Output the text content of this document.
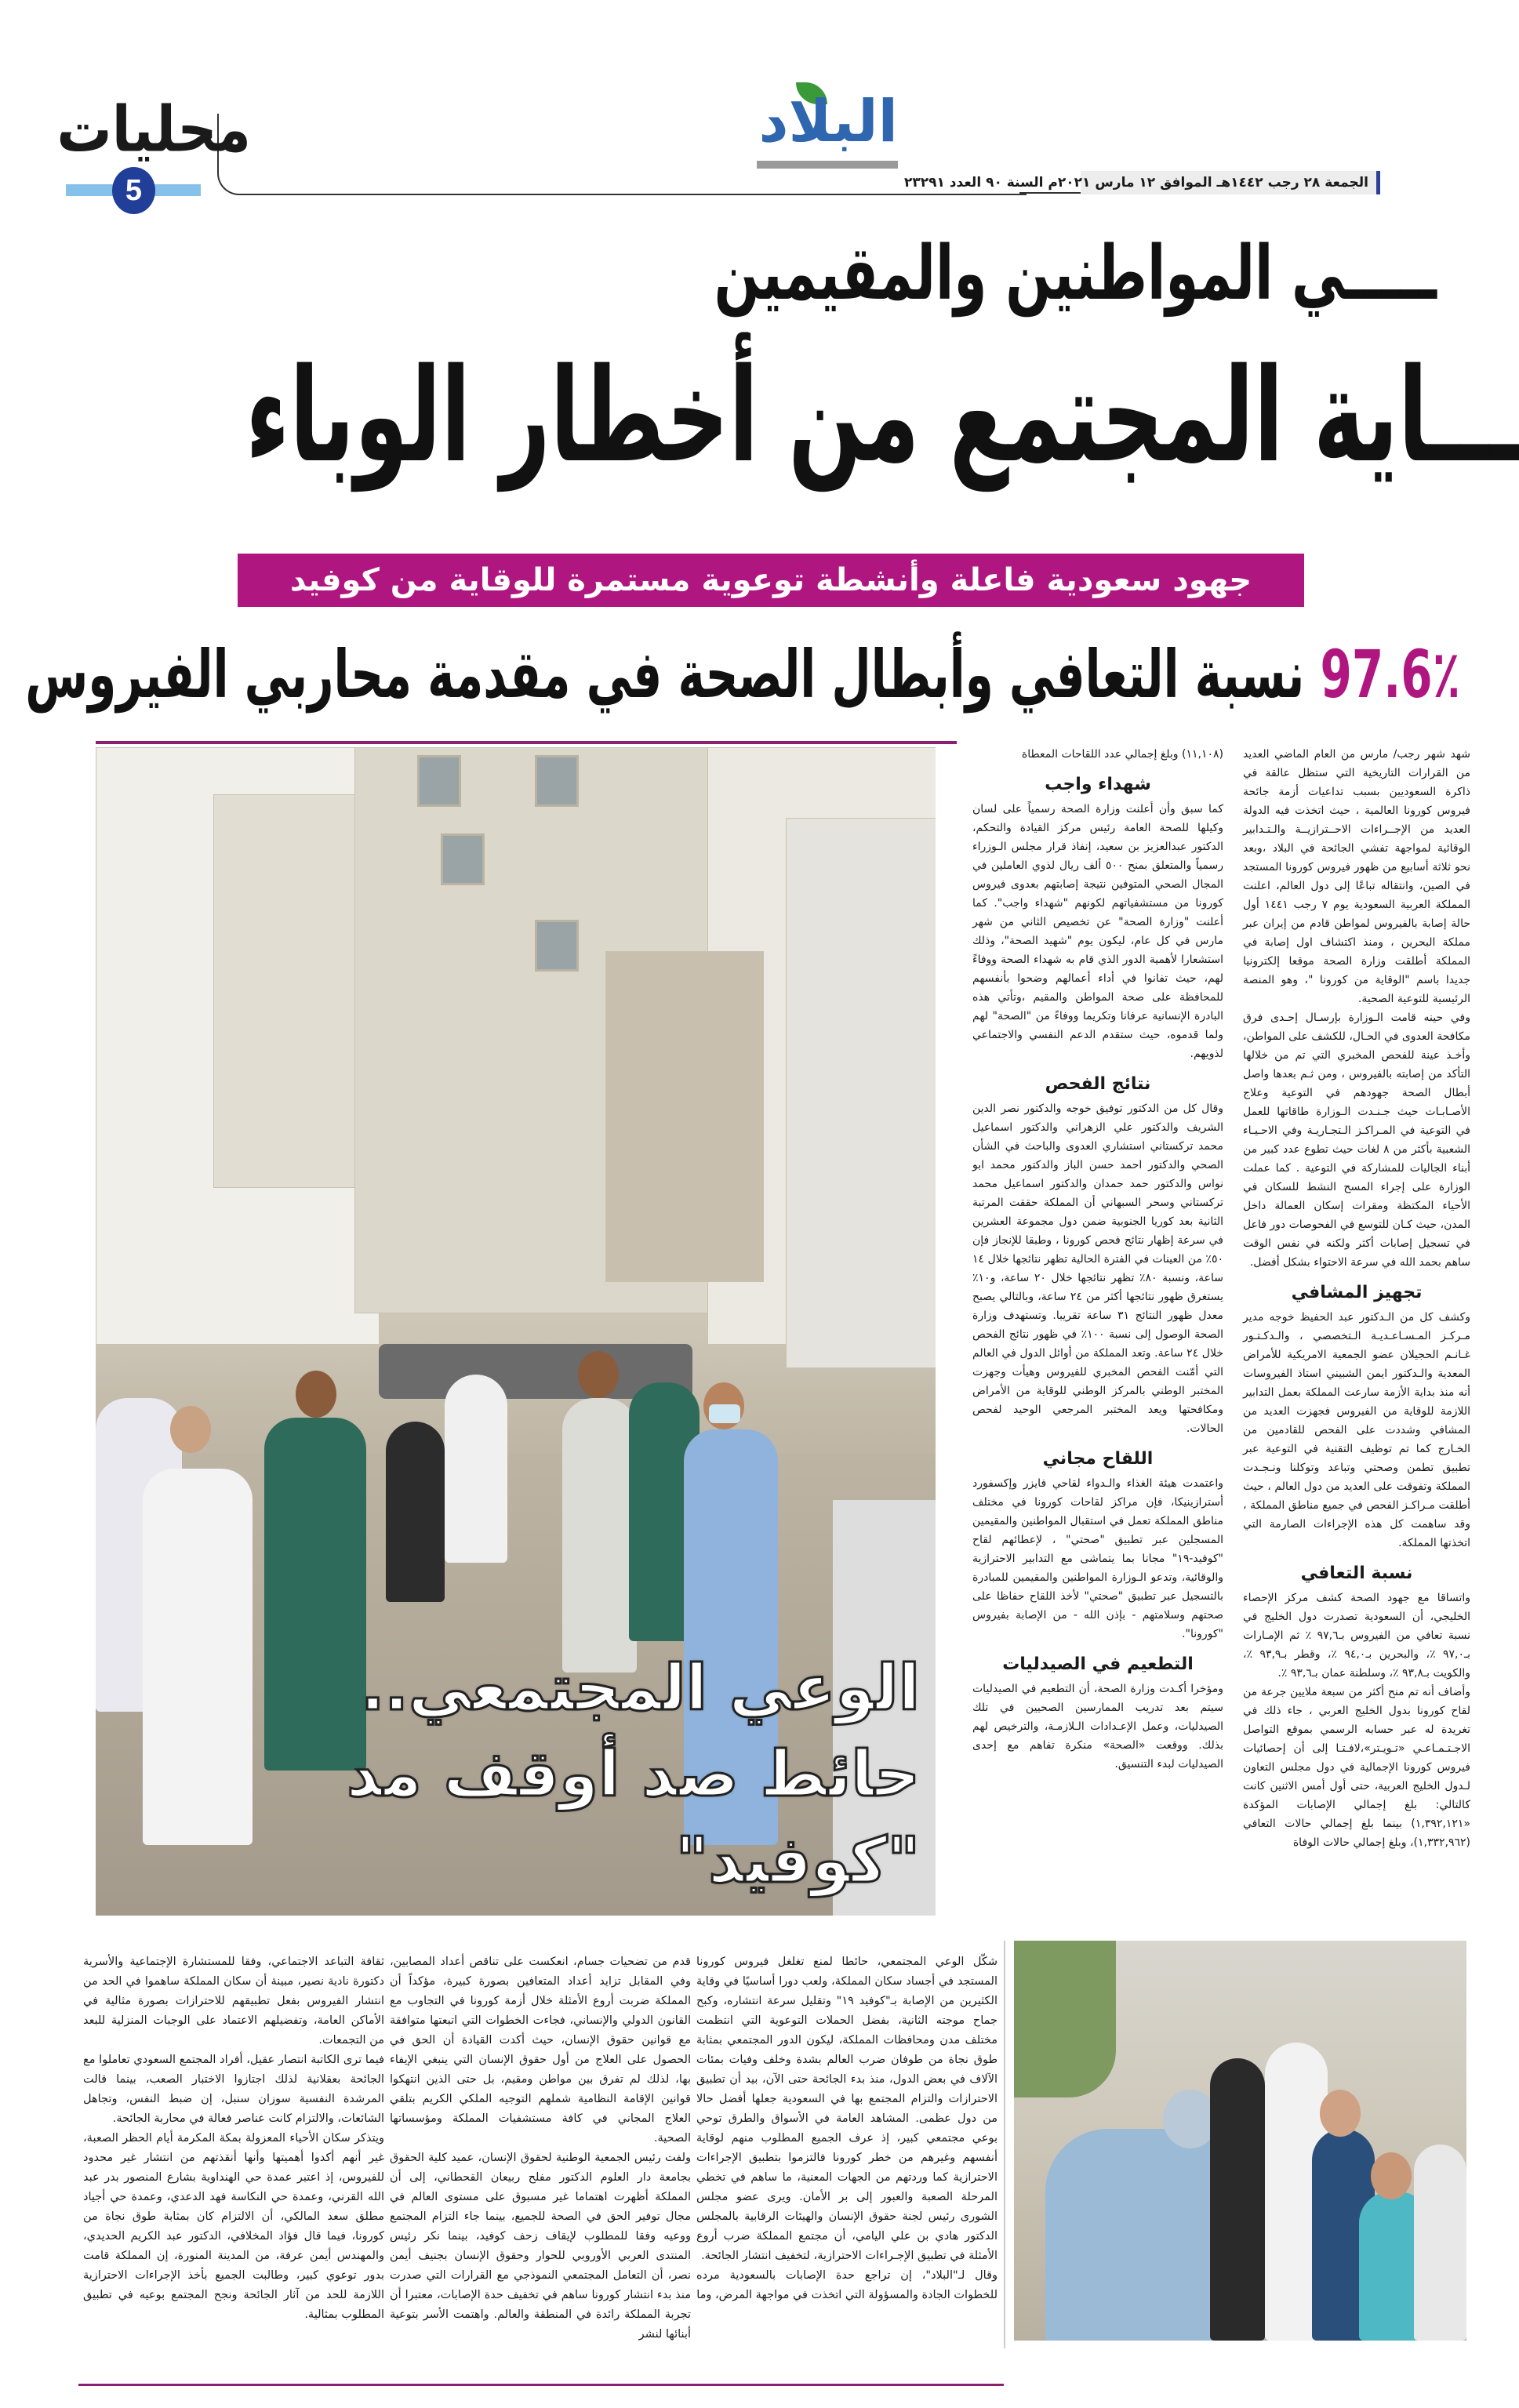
البلاد
الجمعة ٢٨ رجب ١٤٤٢هـ الموافق ١٢ مارس ٢٠٢١م السنة ٩٠ العدد ٢٣٢٩١
محليات
5
ـــــي المواطنين والمقيمين
ـــاية المجتمع من أخطار الوباء
جهود سعودية فاعلة وأنشطة توعوية مستمرة للوقاية من كوفيد
97.6٪ نسبة التعافي وأبطال الصحة في مقدمة محاربي الفيروس
الوعي المجتمعي..
حائط صد أوقف مد "كوفيد"

شهد شهر رجب/ مارس من العام الماضي العديد من القرارات التاريخية التي ستظل عالقة في ذاكرة السعوديين بسبب تداعيات أزمة جائحة فيروس كورونا العالمية ، حيث اتخذت فيه الدولة العديد من الإجــراءات الاحــترازيــة والـتـدابير الوقائية لمواجهة تفشي الجائحة في البلاد ،وبعد نحو ثلاثة أسابيع من ظهور فيروس كورونا المستجد في الصين، وانتقاله تباعًا إلى دول العالم، اعلنت المملكة العربية السعودية يوم ٧ رجب ١٤٤١ أول حالة إصابة بالفيروس لمواطن قادم من إيران عبر مملكة البحرين ، ومنذ اكتشاف اول إصابة في المملكة أطلقت وزارة الصحة موقعا إلكترونيا جديدا باسم "الوقاية من كورونا "، وهو المنصة الرئيسية للتوعية الصحية.

وفي حينه قامت الـوزارة بإرسـال إحـدى فرق مكافحة العدوى في الحـال، للكشف على المواطن، وأخـذ عينة للفحص المخبري التي تم من خلالها التأكد من إصابته بالفيروس ، ومن ثـم بعدها واصل أبطال الصحة جهودهم في التوعية وعلاج الأصـابـات حيث جـنـدت الـوزارة طاقاتها للعمل في التوعية في المـراكـز الـتجـاريـة وفي الاحـيـاء الشعبية بأكثر من ٨ لغات حيث تطوع عدد كبير من أبناء الجاليات للمشاركة في التوعية . كما عملت الوزارة على إجراء المسح النشط للسكان في الأحياء المكتظة ومقرات إسكان العمالة داخل المدن، حيث كـان للتوسع في الفحوصات دور فاعل في تسجيل إصابات أكثر ولكنه في نفس الوقت ساهم بحمد الله في سرعة الاحتواء بشكل أفضل.

تجهيز المشافي

وكشف كل من الـدكتور عبد الحفيظ خوجه مدير مـركـز المـسـاعـديـة الـتخصصي ، والـدكـتـور غـانـم الحجيلان عضو الجمعية الامريكية للأمراض المعدية والـدكتور ايمن الشبيني استاذ الفيروسات أنه منذ بداية الأزمة سارعت المملكة بعمل التدابير اللازمة للوقاية من الفيروس فجهزت العديد من المشافي وشددت على الفحص للقادمين من الخـارج كما تم توظيف التقنية في التوعية عبر تطبيق تطمن وصحتي وتباعد وتوكلنا ونـجـدت المملكة وتفوقت على العديد من دول العالم ، حيث أطلقت مـراكـز الفحص في جميع مناطق المملكة ، وقد ساهمت كل هذه الإجراءات الصارمة التي اتخذتها المملكة.

نسبة التعافي

واتساقا مع جهود الصحة كشف مركز الإحصاء الخليجي، أن السعودية تصدرت دول الخليج في نسبة تعافي من الفيروس بـ٩٧,٦ ٪ ثم الإمـارات بـ٩٧,٠ ٪، والبحرين بـ٩٤,٠ ٪، وقطر بـ٩٣,٩ ٪، والكويت بـ٩٣,٨ ٪، وسلطنة عمان بـ٩٣,٦ ٪.

وأضاف أنه تم منح أكثر من سبعة ملايين جرعة من لقاح كورونا بدول الخليج العربي ، جاء ذلك في تغريدة له عبر حسابه الرسمي بموقع التواصل الاجـتـمـاعـي «تـويـتر»،لافـتـا إلى أن إحصائيات فيروس كورونا الإجمالية في دول مجلس التعاون لـدول الخليج العربية، حتى أول أمس الاثنين كانت كالتالي: بلغ إجمالي الإصابات المؤكدة «١,٣٩٢,١٢١) بينما بلغ إجمالي حالات التعافي (١,٣٣٢,٩٦٢)، وبلغ إجمالي حالات الوفاة

(١١,١٠٨) وبلغ إجمالي عدد اللقاحات المعطاة

شهداء واجب

كما سبق وأن أعلنت وزارة الصحة رسمياً على لسان وكيلها للصحة العامة رئيس مركز القيادة والتحكم، الدكتور عبدالعزيز بن سعيد، إنفاذ قرار مجلس الـوزراء رسمياً والمتعلق بمنح ٥٠٠ ألف ريال لذوي العاملين في المجال الصحي المتوفين نتيجة إصابتهم بعدوى فيروس كورونا من مستشفياتهم لكونهم "شهداء واجب". كما أعلنت "وزارة الصحة" عن تخصيص الثاني من شهر مارس في كل عام، ليكون يوم "شهيد الصحة"، وذلك استشعارا لأهمية الدور الذي قام به شهداء الصحة ووفاءً لهم، حيث تفانوا في أداء أعمالهم وضحوا بأنفسهم للمحافظة على صحة المواطن والمقيم ،وتأتي هذه البادرة الإنسانية عرفانا وتكريما ووفاءً من "الصحة" لهم ولما قدموه، حيث ستقدم الدعم النفسي والاجتماعي لذويهم.

نتائج الفحص

وقال كل من الدكتور توفيق خوجه والدكتور نصر الدين الشريف والدكتور علي الزهراني والدكتور اسماعيل محمد تركستاني استشاري العدوى والباحث في الشأن الصحي والدكتور احمد حسن الباز والدكتور محمد ابو نواس والدكتور حمد حمدان والدكتور اسماعيل محمد تركستاني وسحر السبهاني أن المملكة حققت المرتبة الثانية بعد كوريا الجنوبية ضمن دول مجموعة العشرين في سرعة إظهار نتائج فحص كورونا ، وطبقا للإنجاز فإن ٥٠٪ من العينات في الفترة الحالية تظهر نتائجها خلال ١٤ ساعة، ونسبة ٨٠٪ تظهر نتائجها خلال ٢٠ ساعة، و١٠٪ يستغرق ظهور نتائجها أكثر من ٢٤ ساعة، وبالتالي يصبح معدل ظهور النتائج ٣١ ساعة تقريبا. وتستهدف وزارة الصحة الوصول إلى نسبة ١٠٠٪ في ظهور نتائج الفحص خلال ٢٤ ساعة. وتعد المملكة من أوائل الدول في العالم التي أمّنت الفحص المخبري للفيروس وهيأت وجهزت المختبر الوطني بالمركز الوطني للوقاية من الأمراض ومكافحتها ويعد المختبر المرجعي الوحيد لفحص الحالات.

اللقاح مجاني

واعتمدت هيئة الغذاء والـدواء لقاحي فايزر وإكسفورد أسترازينيكا، فإن مراكز لقاحات كورونا في مختلف مناطق المملكة تعمل في استقبال المواطنين والمقيمين المسجلين عبر تطبيق "صحتي" ، لإعطائهم لقاح "كوفيد-١٩" مجانا بما يتماشى مع التدابير الاحترازية والوقائية، وتدعو الـوزارة المواطنين والمقيمين للمبادرة بالتسجيل عبر تطبيق "صحتي" لأخذ اللقاح حفاظا على صحتهم وسلامتهم - بإذن الله - من الإصابة بفيروس "كورونا".

التطعيم في الصيدليات

ومؤخرا أكـدت وزارة الصحة، أن التطعيم في الصيدليات سيتم بعد تدريب الممارسين الصحيين في تلك الصيدليات، وعمل الإعـدادات الـلازمـة، والترخيص لهم بذلك. ووقعت «الصحة» منكرة تفاهم مع إحدى الصيدليات لبدء التنسيق.

شكّل الوعي المجتمعي، حائطا لمنع تغلغل فيروس كورونا المستجد في أجساد سكان المملكة، ولعب دورا أساسيًا في وقاية الكثيرين من الإصابة بـ"كوفيد ١٩" وتقليل سرعة انتشاره، وكبح جماح موجته الثانية، بفضل الحملات التوعوية التي انتظمت مختلف مدن ومحافظات المملكة، ليكون الدور المجتمعي بمثابة طوق نجاة من طوفان ضرب العالم بشدة وخلف وفيات بمئات الآلاف في بعض الدول، منذ بدء الجائحة حتى الآن، بيد أن تطبيق الاحترازات والتزام المجتمع بها في السعودية جعلها أفضل حالا من دول عظمى. المشاهد العامة في الأسواق والطرق توحي بوعي مجتمعي كبير، إذ عرف الجميع المطلوب منهم لوقاية أنفسهم وغيرهم من خطر كورونا فالتزموا بتطبيق الإجراءات الاحترازية كما وردتهم من الجهات المعنية، ما ساهم في تخطي المرحلة الصعبة والعبور إلى بر الأمان. ويرى عضو مجلس الشورى رئيس لجنة حقوق الإنسان والهيئات الرقابية بالمجلس الدكتور هادي بن علي اليامي، أن مجتمع المملكة ضرب أروع الأمثلة في تطبيق الإجـراءات الاحترازية، لتخفيف انتشار الجائحة.
وقال لـ"البلاد"، إن تراجع حدة الإصابات بالسعودية مرده للخطوات الجادة والمسؤولة التي اتخذت في مواجهة المرض، وما
قدم من تضحيات جسام، انعكست على تناقص أعداد المصابين، وفي المقابل تزايد أعداد المتعافين بصورة كبيرة، مؤكداً أن المملكة ضربت أروع الأمثلة خلال أزمة كورونا في التجاوب مع القانون الدولي والإنساني، فجاءت الخطوات التي اتبعتها متوافقة مع قوانين حقوق الإنسان، حيث أكدت القيادة أن الحق في الحصول على العلاج من أول حقوق الإنسان التي ينبغي الإيفاء بها، لذلك لم تفرق بين مواطن ومقيم، بل حتى الذين انتهكوا قوانين الإقامة النظامية شملهم التوجيه الملكي الكريم بتلقي العلاج المجاني في كافة مستشفيات المملكة ومؤسساتها الصحية.
ولفت رئيس الجمعية الوطنية لحقوق الإنسان، عميد كلية الحقوق بجامعة دار العلوم الدكتور مفلح ربيعان القحطاني، إلى أن المملكة أظهرت اهتماما غير مسبوق على مستوى العالم في مجال توفير الحق في الصحة للجميع، بينما جاء التزام المجتمع ووعيه وفقا للمطلوب لإيقاف زحف كوفيد، بينما نكر رئيس المنتدى العربي الأوروبي للحوار وحقوق الإنسان بجنيف أيمن نصر، أن التعامل المجتمعي النموذجي مع القرارات التي صدرت منذ بدء انتشار كورونا ساهم في تخفيف حدة الإصابات، معتبرا أن تجربة المملكة رائدة في المنطقة والعالم. واهتمت الأسر بتوعية أبنائها لنشر
ثقافة التباعد الاجتماعي، وفقا للمستشارة الإجتماعية والأسرية دكتورة نادية نصير، مبينة أن سكان المملكة ساهموا في الحد من انتشار الفيروس بفعل تطبيقهم للاحترازات بصورة مثالية في الأماكن العامة، وتفضيلهم الاعتماد على الوجبات المنزلية للبعد من التجمعات.
فيما ترى الكاتبة انتصار عقيل، أفراد المجتمع السعودي تعاملوا مع الجائحة بعقلانية لذلك اجتازوا الاختبار الصعب، بينما قالت المرشدة النفسية سوزان سنبل، إن ضبط النفس، وتجاهل الشائعات، والالتزام كانت عناصر فعالة في محاربة الجائحة.
ويتذكر سكان الأحياء المعزولة بمكة المكرمة أيام الحظر الصعبة، غير أنهم أكدوا أهميتها وأنها أنقذتهم من انتشار غير محدود للفيروس، إذ اعتبر عمدة حي الهنداوية بشارع المنصور بدر عبد الله القرني، وعمدة حي النكاسة فهد الدعدي، وعمدة حي أجياد مطلق سعد المالكي، أن الالتزام كان بمثابة طوق نجاة من كورونا، فيما قال فؤاد المخلافي، الدكتور عبد الكريم الحديدي، والمهندس أيمن عرفة، من المدينة المنورة، إن المملكة قامت بدور توعوي كبير، وطالبت الجميع بأخذ الإجراءات الاحترازية اللازمة للحد من آثار الجائحة ونجح المجتمع بوعيه في تطبيق المطلوب بمثالية.
